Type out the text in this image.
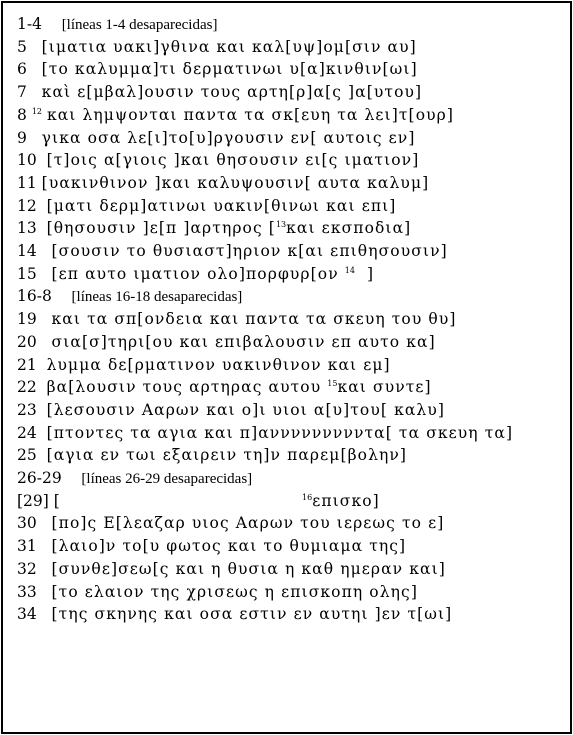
1-4 [líneas 1-4 desaparecidas]
5 [ιματια υακι]γθινα και καλ[υψ]ομ[σιν αυ]
6 [το καλυμμα]τι δερματινωι υ[α]κινθιν[ωι]
7 καὶ ε[μβαλ]ουσιν τους αρτη[ρ]α[ς ]α[υτου]
8 $^{12}$ και λημψονται παντα τα σκ[ευη τα λει]τ[ουρ]
9 γικα οσα λε[ι]το[υ]ργουσιν εν[ αυτοις εν]
10 [τ]οις α[γιοις ]και θησουσιν ει[ς ιματιον]
11 [υακινθινον ]και καλυψουσιν[ αυτα καλυμ]
12 [ματι δερμ]ατινωι υακιν[θινωι και επι]
13 [θησουσιν ]ε[π ]αρτηρος [$^{13}$και εκσποδια]
14 [σουσιν το θυσιαστ]ηριον κ[αι επιθησουσιν]
15 [επ αυτο ιματιον ολο]πορφυρ[ον $^{14}$  ]
16-8 [líneas 16-18 desaparecidas]
19 και τα σπ[ονδεια και παντα τα σκευη του θυ]
20 σια[σ]τηρι[ου και επιβαλουσιν επ αυτο κα]
21 λυμμα δε[ρματινον υακινθινον και εμ]
22 βα[λουσιν τους αρτηρας αυτου $^{15}$και συντε]
23 [λεσουσιν Ααρων και ο]ι υιοι α[υ]του[ καλυ]
24 [πτοντες τα αγια και π]αννννννννντα[ τα σκευη τα]
25 [αγια εν τωι εξαιρειν τη]ν παρεμ[βολην]
26-29 [líneas 26-29 desaparecidas]
[29] [                                        $^{16}$επισκο]
30 [πο]ς Ε[λεαζαρ υιος Ααρων του ιερεως το ε]
31 [λαιο]ν το[υ φωτος και το θυμιαμα της]
32 [συνθε]σεω[ς και η θυσια η καθ ημεραν και]
33 [το ελαιον της χρισεως η επισκοπη ολης]
34 [της σκηνης και οσα εστιν εν αυτηι ]εν τ[ωι]
